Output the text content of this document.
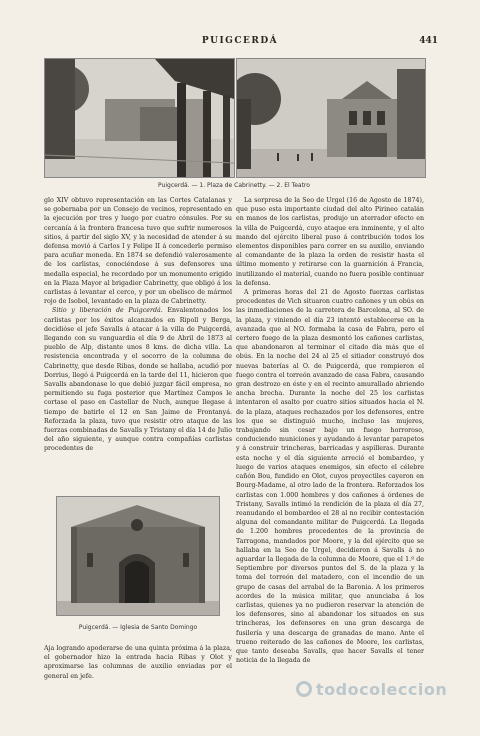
PUIGCERDÁ	441
Puigcerdá. — 1. Plaza de Cabrinetty. — 2. El Teatro

glo XIV obtuvo representación en las Cortes Catalanas y se gobernaba por un Consejo de vecinos, representado en la ejecución por tres y luego por cuatro cónsules. Por su cercanía á la frontera francesa tuvo que sufrir numerosos sitios, á partir del siglo XV, y la necesidad de atender á su defensa movió á Carlos I y Felipe II á concederle permiso para acuñar moneda. En 1874 se defendió valerosamente de los carlistas, conociéndose á sus defensores una medalla especial, he recordado por un monumento erigido en la Plaza Mayor al brigadier Cabrinetty, que obligó á los carlistas á levantar el cerco, y por un obelisco de mármol rojo de Isobol, levantado en la plaza de Cabrinetty.

Sitio y liberación de Puigcerdá. Envalentonados los carlistas por los éxitos alcanzados en Ripoll y Berga, decidióse el jefe Savalls á atacar á la villa de Puigcerdá, llegando con su vanguardia el día 9 de Abril de 1873 al pueblo de Alp, distante unos 8 kms. de dicha villa. La resistencia encontrada y el socorro de la columna de Cabrinetty, que desde Ribas, donde se hallaba, acudió por Dorrius, llegó á Puigcerdá en la tarde del 11, hicieron que Savalls abandonase lo que debió juzgar fácil empresa, no permitiendo su fuga posterior que Martínez Campos le cortase el paso en Castellar de Nuch, aunque llegase á tiempo de batirle el 12 en San Jaime de Frontanyá. Reforzada la plaza, tuvo que resistir otro ataque de las fuerzas combinadas de Savalls y Tristany el día 14 de Julio del año siguiente, y aunque contra compañías carlistas procedentes de

Puigcerdá. — Iglesia de Santo Domingo

Aja logrando apoderarse de una quinta próxima á la plaza, el gobernador hizo la entrada hacia Ribas y Olot y aproximarse las columnas de auxilio enviadas por el general en jefe.

La sorpresa de la Seo de Urgel (16 de Agosto de 1874), que puso esta importante ciudad del alto Pirineo catalán en manos de los carlistas, produjo un aterrador efecto en la villa de Puigcerdá, cuyo ataque era inminente, y el alto mando del ejército liberal puso á contribución todos los elementos disponibles para correr en su auxilio, enviando al comandante de la plaza la orden de resistir hasta el último momento y retirarse con la guarnición á Francia, inutilizando el material, cuando no fuera posible continuar la defensa.

A primeras horas del 21 de Agosto fuerzas carlistas procedentes de Vich situaron cuatro cañones y un obús en las inmediaciones de la carretera de Barcelona, al SO. de la plaza, y viniendo el día 23 intentó establecerse en la avanzada que al NO. formaba la casa de Fabra, pero el certero fuego de la plaza desmontó los cañones carlistas, que abandonaron al terminar el citado día más que el obús. En la noche del 24 al 25 el sitiador construyó dos nuevas baterías al O. de Puigcerdá, que rompieron el fuego contra el torreón avanzado de casa Fabra, causando gran destrozo en éste y en el recinto amurallado abriendo ancha brecha. Durante la noche del 25 los carlistas intentaron el asalto por cuatro sitios situados hacia el N. de la plaza, ataques rechazados por los defensores, entre los que se distinguió mucho, incluso las mujeres, trabajando sin cesar bajo un fuego horroroso, conduciendo municiones y ayudando á levantar parapetos y á construir trincheras, barricadas y aspilleras. Durante esta noche y el día siguiente arreció el bombardeo, y luego de varios ataques enemigos, sin efecto el célebre cañón Bou, fundido en Olot, cuyos proyectiles cayeron en Bourg-Madame, al otro lado de la frontera. Reforzados los carlistas con 1.000 hombres y dos cañones á órdenes de Tristany, Savalls intimó la rendición de la plaza el día 27, reanudando el bombardeo el 28 al no recibir contestación alguna del comandante militar de Puigcerdá. La llegada de 1.200 hombres procedentes de la provincia de Tarragona, mandados por Moore, y la del ejército que se hallaba en la Seo de Urgel, decidieron á Savalls á no aguardar la llegada de la columna de Moore, que el 1.º de Septiembre por diversos puntos del S. de la plaza y la toma del torreón del matadero, con el incendio de un grupo de casas del arrabal de la Baronia. A los primeros acordes de la música militar, que anunciaba á los carlistas, quienes ya no pudieron reservar la atención de los defensores, sino al abandonar los situados en sus trincheras, los defensores en una gran descarga de fusilería y una descarga de granadas de mano. Ante el trueno reiterado de las cañones de Moore, los carlistas, que tanto deseaba Savalls, que hacer Savalls el tener noticia de la llegada de

todocoleccion
